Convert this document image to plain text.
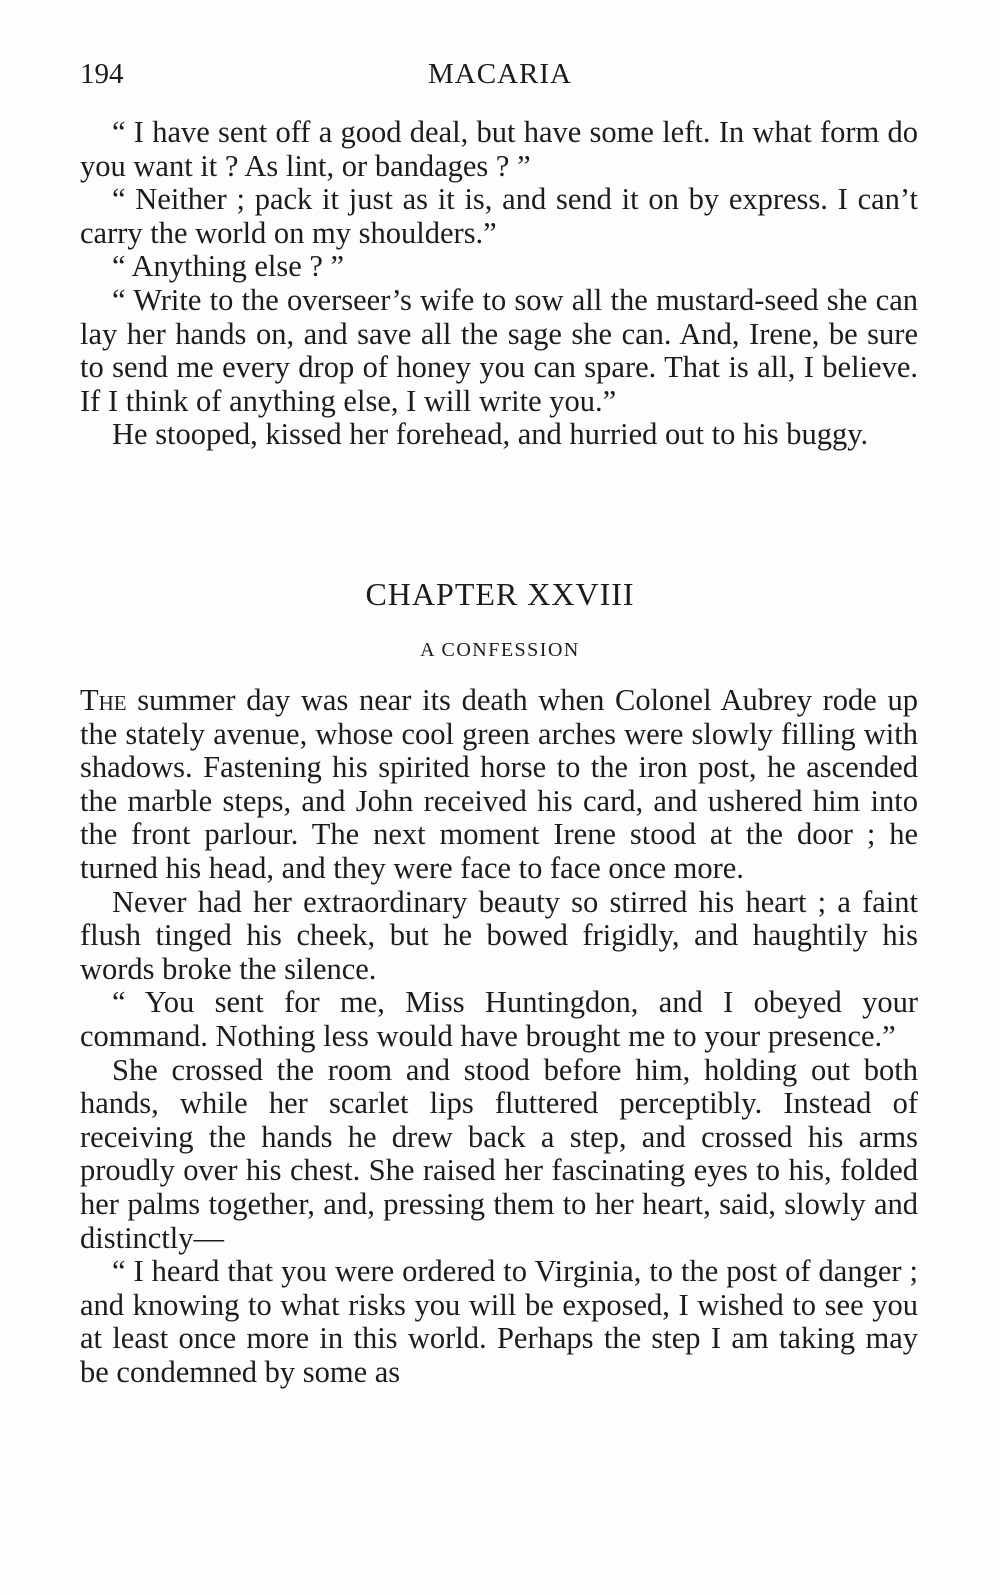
194	MACARIA

“ I have sent off a good deal, but have some left. In what form do you want it ? As lint, or bandages ? ”

“ Neither ; pack it just as it is, and send it on by express. I can’t carry the world on my shoulders.”

“ Anything else ? ”

“ Write to the overseer’s wife to sow all the mustard-seed she can lay her hands on, and save all the sage she can. And, Irene, be sure to send me every drop of honey you can spare. That is all, I believe. If I think of anything else, I will write you.”

He stooped, kissed her forehead, and hurried out to his buggy.

CHAPTER XXVIII
A CONFESSION

The summer day was near its death when Colonel Aubrey rode up the stately avenue, whose cool green arches were slowly filling with shadows. Fastening his spirited horse to the iron post, he ascended the marble steps, and John received his card, and ushered him into the front parlour. The next moment Irene stood at the door ; he turned his head, and they were face to face once more.

Never had her extraordinary beauty so stirred his heart ; a faint flush tinged his cheek, but he bowed frigidly, and haughtily his words broke the silence.

“ You sent for me, Miss Huntingdon, and I obeyed your command. Nothing less would have brought me to your presence.”

She crossed the room and stood before him, holding out both hands, while her scarlet lips fluttered perceptibly. Instead of receiving the hands he drew back a step, and crossed his arms proudly over his chest. She raised her fascinating eyes to his, folded her palms together, and, pressing them to her heart, said, slowly and distinctly—

“ I heard that you were ordered to Virginia, to the post of danger ; and knowing to what risks you will be exposed, I wished to see you at least once more in this world. Perhaps the step I am taking may be condemned by some as
